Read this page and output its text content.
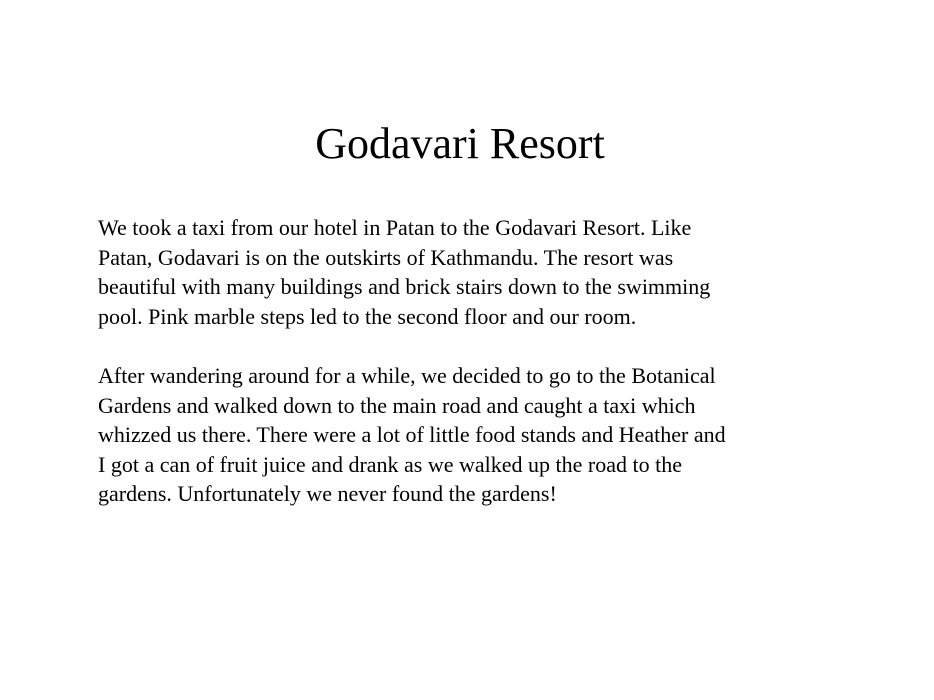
Godavari Resort

We took a taxi from our hotel in Patan to the Godavari Resort. Like
Patan, Godavari is on the outskirts of Kathmandu. The resort was
beautiful with many buildings and brick stairs down to the swimming
pool. Pink marble steps led to the second floor and our room.

After wandering around for a while, we decided to go to the Botanical
Gardens and walked down to the main road and caught a taxi which
whizzed us there. There were a lot of little food stands and Heather and
I got a can of fruit juice and drank as we walked up the road to the
gardens. Unfortunately we never found the gardens!
